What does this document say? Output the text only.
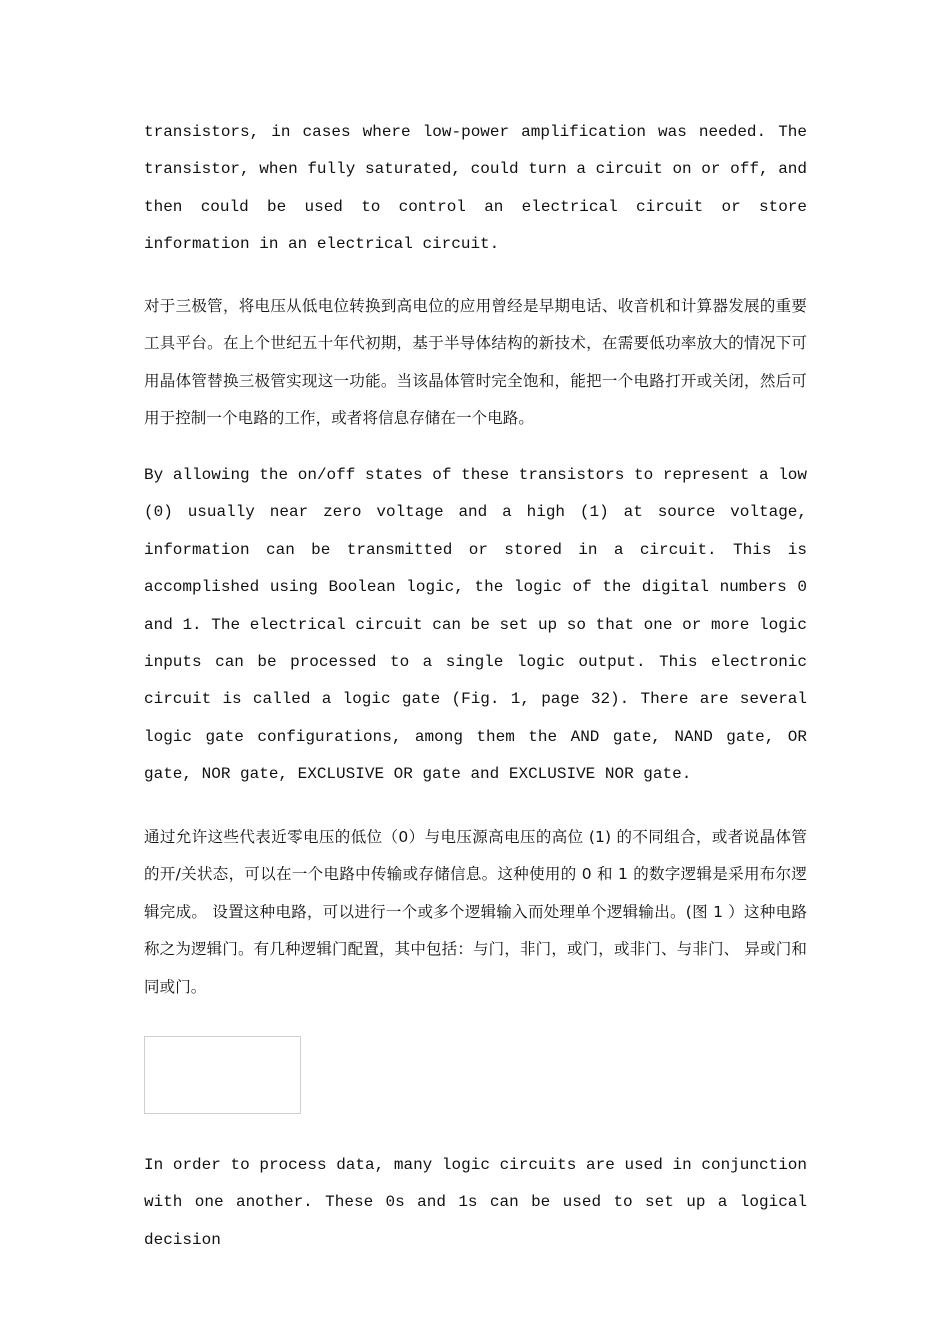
transistors, in cases where low-power amplification was needed. The transistor, when fully saturated, could turn a circuit on or off, and then could be used to control an electrical circuit or store information in an electrical circuit.

对于三极管，将电压从低电位转换到高电位的应用曾经是早期电话、收音机和计算器发展的重要工具平台。在上个世纪五十年代初期，基于半导体结构的新技术，在需要低功率放大的情况下可用晶体管替换三极管实现这一功能。当该晶体管时完全饱和，能把一个电路打开或关闭，然后可用于控制一个电路的工作，或者将信息存储在一个电路。

By allowing the on/off states of these transistors to represent a low (0) usually near zero voltage and a high (1) at source voltage, information can be transmitted or stored in a circuit. This is accomplished using Boolean logic, the logic of the digital numbers 0 and 1. The electrical circuit can be set up so that one or more logic inputs can be processed to a single logic output. This electronic circuit is called a logic gate (Fig. 1, page 32). There are several logic gate configurations, among them the AND gate, NAND gate, OR gate, NOR gate, EXCLUSIVE OR gate and EXCLUSIVE NOR gate.

通过允许这些代表近零电压的低位（0）与电压源高电压的高位 (1) 的不同组合，或者说晶体管的开/关状态，可以在一个电路中传输或存储信息。这种使用的 0 和 1 的数字逻辑是采用布尔逻辑完成。 设置这种电路，可以进行一个或多个逻辑输入而处理单个逻辑输出。(图 1 ）这种电路称之为逻辑门。有几种逻辑门配置，其中包括：与门，非门，或门，或非门、与非门、 异或门和 同或门。

In order to process data, many logic circuits are used in conjunction with one another. These 0s and 1s can be used to set up a logical decision
